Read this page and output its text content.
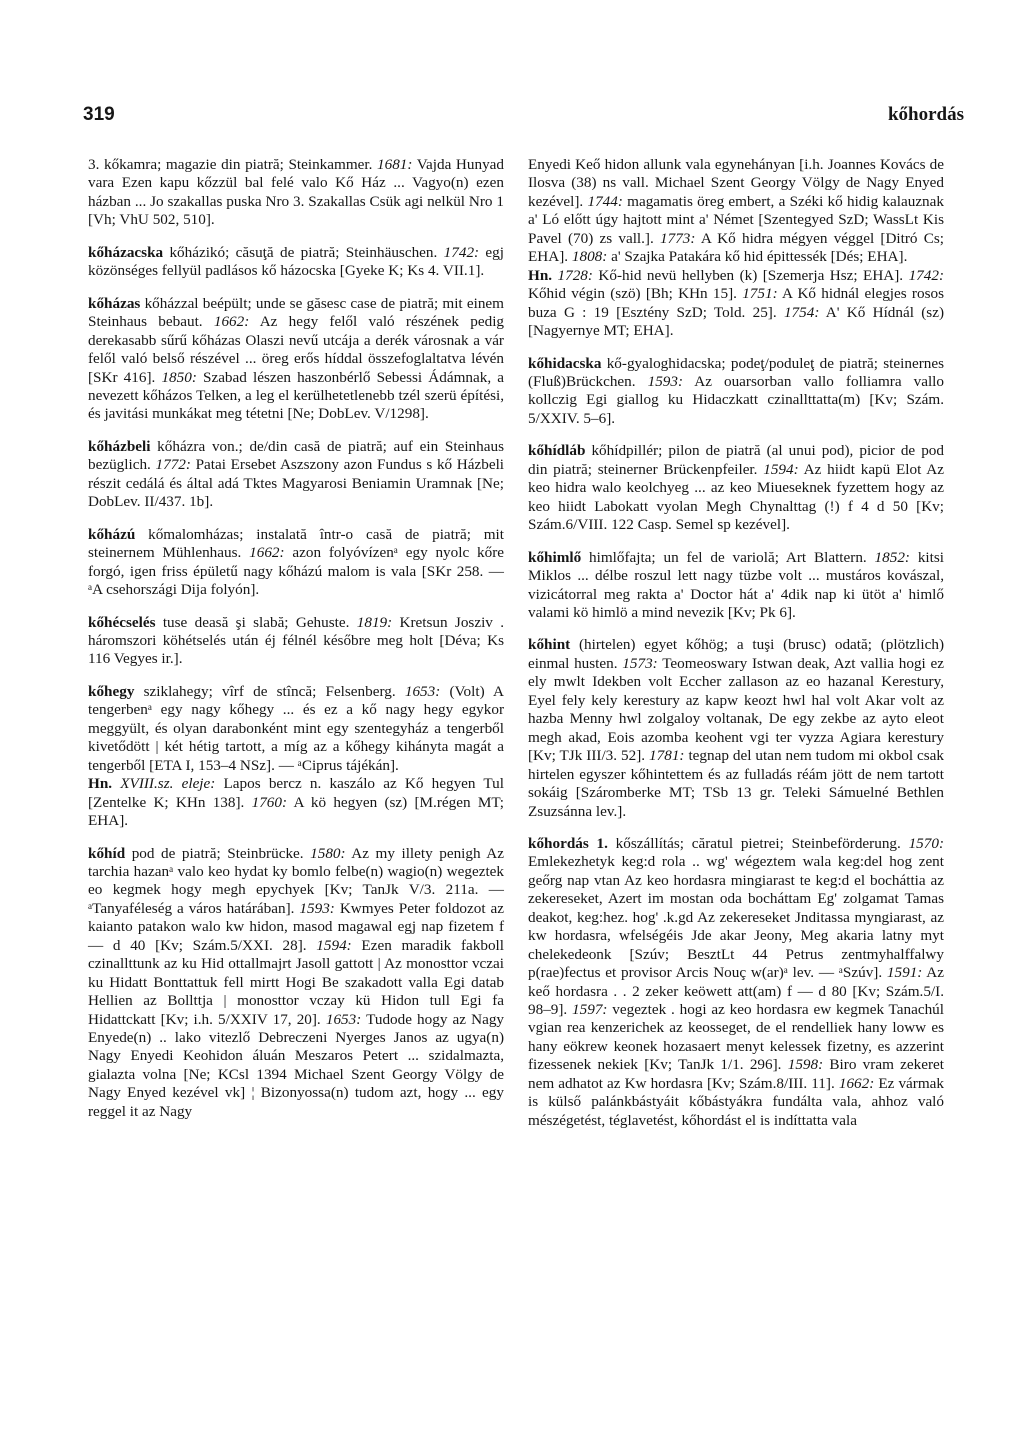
319	kőhordás
3. kőkamra; magazie din piatră; Steinkammer. 1681: Vajda Hunyad vara Ezen kapu kőzzül bal felé valo Kő Ház ... Vagyo(n) ezen házban ... Jo szakallas puska Nro 3. Szakallas Csük agi nelkül Nro 1 [Vh; VhU 502, 510].
kőházacska kőházikó; căsuţă de piatră; Steinhäuschen. 1742: egj közönséges fellyül padlásos kő házocska [Gyeke K; Ks 4. VII.1].
kőházas kőházzal beépült; unde se găsesc case de piatră; mit einem Steinhaus bebaut. 1662: Az hegy felől való részének pedig derekasabb sűrű kőházas Olaszi nevű utcája a derék városnak a vár felől való belső részével ... öreg erős híddal összefoglaltatva lévén [SKr 416]. 1850: Szabad lészen haszonbérlő Sebessi Ádámnak, a nevezett kőházos Telken, a leg el kerülhetetlenebb tzél szerü építési, és javitási munkákat meg tétetni [Ne; DobLev. V/1298].
kőházbeli kőházra von.; de/din casă de piatră; auf ein Steinhaus bezüglich. 1772: Patai Ersebet Aszszony azon Fundus s kő Házbeli részit cedálá és által adá Tktes Magyarosi Beniamin Uramnak [Ne; DobLev. II/437. 1b].
kőházú kőmalomházas; instalată într-o casă de piatră; mit steinernem Mühlenhaus. 1662: azon folyóvízenᵃ egy nyolc kőre forgó, igen friss épületű nagy kőházú malom is vala [SKr 258. — ᵃA csehországi Dija folyón].
kőhécselés tuse deasă şi slabă; Gehuste. 1819: Kretsun Josziv . háromszori köhétselés után éj félnél későbre meg holt [Déva; Ks 116 Vegyes ir.].
kőhegy sziklahegy; vîrf de stîncă; Felsenberg. 1653: (Volt) A tengerbenᵃ egy nagy kőhegy ... és ez a kő nagy hegy egykor meggyült, és olyan darabonként mint egy szentegyház a tengerből kivetődött | két hétig tartott, a míg az a kőhegy kihányta magát a tengerből [ETA I, 153–4 NSz]. — ᵃCiprus tájékán].
Hn. XVIII.sz. eleje: Lapos bercz n. kaszálo az Kő hegyen Tul [Zentelke K; KHn 138]. 1760: A kö hegyen (sz) [M.régen MT; EHA].
kőhíd pod de piatră; Steinbrücke. 1580: Az my illety penigh Az tarchia hazanᵃ valo keo hydat ky bomlo felbe(n) wagio(n) wegeztek eo kegmek hogy megh epychyek [Kv; TanJk V/3. 211a. — ᵃTanyaféleség a város határában]. 1593: Kwmyes Peter foldozot az kaianto patakon walo kw hidon, masod magawal egj nap fizetem f — d 40 [Kv; Szám.5/XXI. 28]. 1594: Ezen maradik fakboll czinallttunk az ku Hid ottallmajrt Jasoll gattott | Az monosttor vczai ku Hidatt Bonttattuk fell mirtt Hogi Be szakadott valla Egi datab Hellien az Bollttja | monosttor vczay kü Hidon tull Egi fa Hidattckatt [Kv; i.h. 5/XXIV 17, 20]. 1653: Tudode hogy az Nagy Enyede(n) .. lako vitezlő Debreczeni Nyerges Janos az ugya(n) Nagy Enyedi Keohidon áluán Meszaros Petert ... szidalmazta, gialazta volna [Ne; KCsl 1394 Michael Szent Georgy Völgy de Nagy Enyed kezével vk] ¦ Bizonyossa(n) tudom azt, hogy ... egy reggel it az Nagy
Enyedi Keő hidon allunk vala egynehányan [i.h. Joannes Kovács de Ilosva (38) ns vall. Michael Szent Georgy Völgy de Nagy Enyed kezével]. 1744: magamatis öreg embert, a Széki kő hidig kalauznak a' Ló előtt úgy hajtott mint a' Német [Szentegyed SzD; WassLt Kis Pavel (70) zs vall.]. 1773: A Kő hidra mégyen véggel [Ditró Cs; EHA]. 1808: a' Szajka Patakára kő hid épittessék [Dés; EHA].
Hn. 1728: Kő-hid nevü hellyben (k) [Szemerja Hsz; EHA]. 1742: Kőhid végin (szö) [Bh; KHn 15]. 1751: A Kő hidnál elegjes rosos buza G : 19 [Esztény SzD; Told. 25]. 1754: A' Kő Hídnál (sz) [Nagyernye MT; EHA].
kőhidacska kő-gyaloghidacska; podeţ/poduleţ de piatră; steinernes (Fluß)Brückchen. 1593: Az ouarsorban vallo folliamra vallo kollczig Egi giallog ku Hidaczkatt czinallttatta(m) [Kv; Szám. 5/XXIV. 5–6].
kőhídláb kőhídpillér; pilon de piatră (al unui pod), picior de pod din piatră; steinerner Brückenpfeiler. 1594: Az hiidt kapü Elot Az keo hidra walo keolchyeg ... az keo Miueseknek fyzettem hogy az keo hiidt Labokatt vyolan Megh Chynalttag (!) f 4 d 50 [Kv; Szám.6/VIII. 122 Casp. Semel sp kezével].
kőhimlő himlőfajta; un fel de variolă; Art Blattern. 1852: kitsi Miklos ... délbe roszul lett nagy tüzbe volt ... mustáros kovászal, vizicátorral meg rakta a' Doctor hát a' 4dik nap ki ütöt a' himlő valami kö himlö a mind nevezik [Kv; Pk 6].
kőhint (hirtelen) egyet kőhög; a tuşi (brusc) odată; (plötzlich) einmal husten. 1573: Teomeoswary Istwan deak, Azt vallia hogi ez ely mwlt Idekben volt Eccher zallason az eo hazanal Kerestury, Eyel fely kely kerestury az kapw keozt hwl hal volt Akar volt az hazba Menny hwl zolgaloy voltanak, De egy zekbe az ayto eleot megh akad, Eois azomba keohent vgi ter vyzza Agiara kerestury [Kv; TJk III/3. 52]. 1781: tegnap del utan nem tudom mi okbol csak hirtelen egyszer kőhintettem és az fulladás réám jött de nem tartott sokáig [Száromberke MT; TSb 13 gr. Teleki Sámuelné Bethlen Zsuzsánna lev.].
kőhordás 1. kőszállítás; căratul pietrei; Steinbeförderung. 1570: Emlekezhetyk keg:d rola .. wg' wégeztem wala keg:del hog zent geőrg nap vtan Az keo hordasra mingiarast te keg:d el bocháttia az zekereseket, Azert im mostan oda bocháttam Eg' zolgamat Tamas deakot, keg:hez. hog' .k.gd Az zekereseket Jnditassa myngiarast, az kw hordasra, wfelségéis Jde akar Jeony, Meg akaria latny myt chelekedeonk [Szúv; BesztLt 44 Petrus zentmyhalffalwy p(rae)fectus et provisor Arcis Nouç w(ar)ᵃ lev. — ᵃSzúv]. 1591: Az keő hordasra . . 2 zeker keöwett att(am) f — d 80 [Kv; Szám.5/I. 98–9]. 1597: vegeztek . hogi az keo hordasra ew kegmek Tanachúl vgian rea kenzerichek az keosseget, de el rendelliek hany loww es hany eökrew keonek hozasaert menyt kelessek fizetny, es azzerint fizessenek nekiek [Kv; TanJk 1/1. 296]. 1598: Biro vram zekeret nem adhatot az Kw hordasra [Kv; Szám.8/III. 11]. 1662: Ez vármak is külső palánkbástyáit kőbástyákra fundálta vala, ahhoz való mészégetést, téglavetést, kőhordást el is indíttatta vala
